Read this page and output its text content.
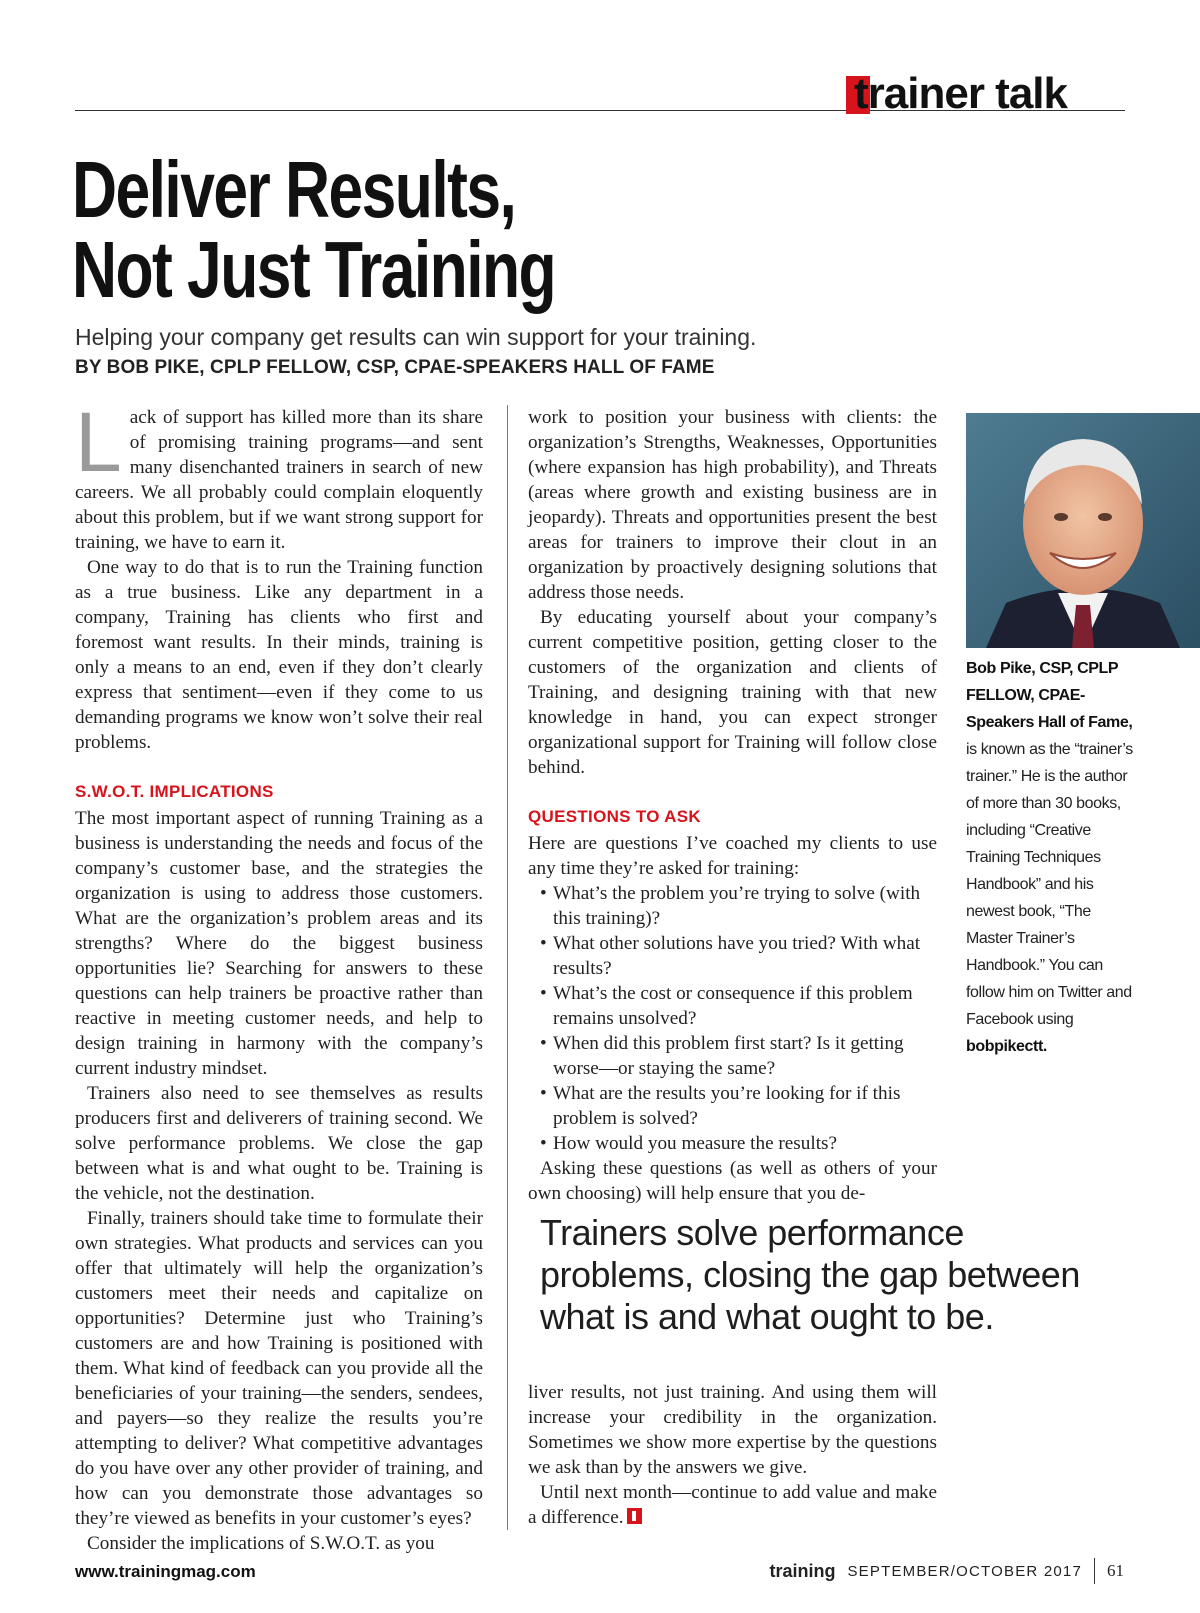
trainer talk
Deliver Results,
Not Just Training
Helping your company get results can win support for your training.
BY BOB PIKE, CPLP FELLOW, CSP, CPAE-SPEAKERS HALL OF FAME

Lack of support has killed more than its share of promising training programs—and sent many disenchanted trainers in search of new careers. We all probably could complain eloquently about this problem, but if we want strong support for training, we have to earn it.

One way to do that is to run the Training function as a true business. Like any department in a company, Training has clients who first and foremost want results. In their minds, training is only a means to an end, even if they don’t clearly express that sentiment—even if they come to us demanding programs we know won’t solve their real problems.

S.W.O.T. IMPLICATIONS

The most important aspect of running Training as a business is understanding the needs and focus of the company’s customer base, and the strategies the organization is using to address those customers. What are the organization’s problem areas and its strengths? Where do the biggest business opportunities lie? Searching for answers to these questions can help trainers be proactive rather than reactive in meeting customer needs, and help to design training in harmony with the company’s current industry mindset.

Trainers also need to see themselves as results producers first and deliverers of training second. We solve performance problems. We close the gap between what is and what ought to be. Training is the vehicle, not the destination.

Finally, trainers should take time to formulate their own strategies. What products and services can you offer that ultimately will help the organization’s customers meet their needs and capitalize on opportunities? Determine just who Training’s customers are and how Training is positioned with them. What kind of feedback can you provide all the beneficiaries of your training—the senders, sendees, and payers—so they realize the results you’re attempting to deliver? What competitive advantages do you have over any other provider of training, and how can you demonstrate those advantages so they’re viewed as benefits in your customer’s eyes?

Consider the implications of S.W.O.T. as you

work to position your business with clients: the organization’s Strengths, Weaknesses, Opportunities (where expansion has high probability), and Threats (areas where growth and existing business are in jeopardy). Threats and opportunities present the best areas for trainers to improve their clout in an organization by proactively designing solutions that address those needs.

By educating yourself about your company’s current competitive position, getting closer to the customers of the organization and clients of Training, and designing training with that new knowledge in hand, you can expect stronger organizational support for Training will follow close behind.

QUESTIONS TO ASK

Here are questions I’ve coached my clients to use any time they’re asked for training:

• What’s the problem you’re trying to solve (with this training)?
• What other solutions have you tried? With what results?
• What’s the cost or consequence if this problem remains unsolved?
• When did this problem first start? Is it getting worse—or staying the same?
• What are the results you’re looking for if this problem is solved?
• How would you measure the results?

Asking these questions (as well as others of your own choosing) will help ensure that you de-

Trainers solve performance problems, closing the gap between what is and what ought to be.

liver results, not just training. And using them will increase your credibility in the organization. Sometimes we show more expertise by the questions we ask than by the answers we give.

Until next month—continue to add value and make a difference.

Bob Pike, CSP, CPLP FELLOW, CPAE-Speakers Hall of Fame, is known as the “trainer’s trainer.” He is the author of more than 30 books, including “Creative Training Techniques Handbook” and his newest book, “The Master Trainer’s Handbook.” You can follow him on Twitter and Facebook using bobpikectt.
www.trainingmag.com	training SEPTEMBER/OCTOBER 2017 61
